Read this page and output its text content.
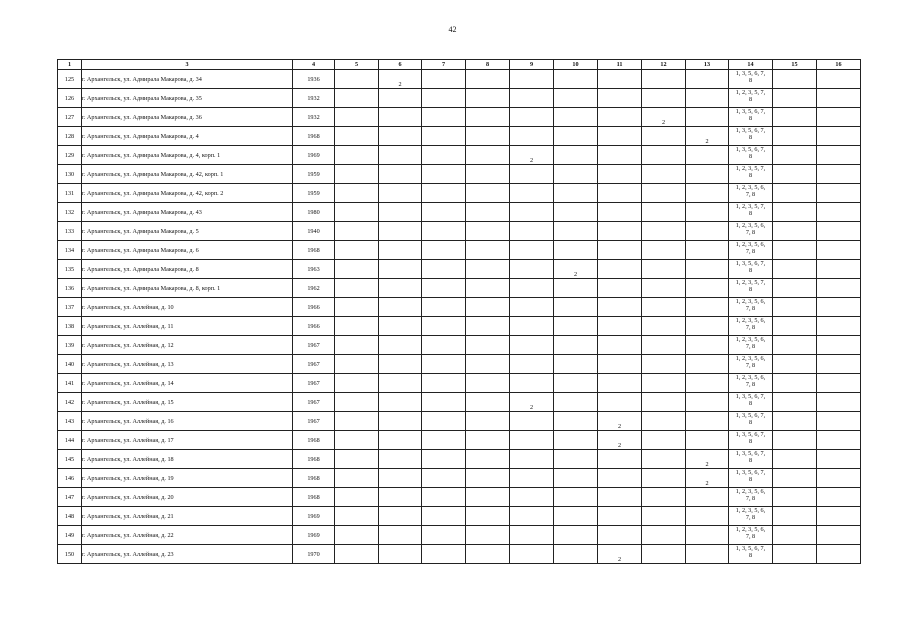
42
1	3	4	5	6	7	8	9	10	11	12	13	14	15	16
125	г. Архангельск, ул. Адмирала Макарова, д. 34	1936		2								1, 3, 5, 6, 7,
8		

126	г. Архангельск, ул. Адмирала Макарова, д. 35	1932										1, 2, 3, 5, 7,
8		

127	г. Архангельск, ул. Адмирала Макарова, д. 36	1932								2		1, 3, 5, 6, 7,
8		

128	г. Архангельск, ул. Адмирала Макарова, д. 4	1968									2	1, 3, 5, 6, 7,
8		

129	г. Архангельск, ул. Адмирала Макарова, д. 4, корп. 1	1969					2					1, 3, 5, 6, 7,
8		

130	г. Архангельск, ул. Адмирала Макарова, д. 42, корп. 1	1959										1, 2, 3, 5, 7,
8		

131	г. Архангельск, ул. Адмирала Макарова, д. 42, корп. 2	1959										1, 2, 3, 5, 6,
7, 8		

132	г. Архангельск, ул. Адмирала Макарова, д. 43	1980										1, 2, 3, 5, 7,
8		

133	г. Архангельск, ул. Адмирала Макарова, д. 5	1940										1, 2, 3, 5, 6,
7, 8		

134	г. Архангельск, ул. Адмирала Макарова, д. 6	1968										1, 2, 3, 5, 6,
7, 8		

135	г. Архангельск, ул. Адмирала Макарова, д. 8	1963						2				1, 3, 5, 6, 7,
8		

136	г. Архангельск, ул. Адмирала Макарова, д. 8, корп. 1	1962										1, 2, 3, 5, 7,
8		

137	г. Архангельск, ул. Аллейная, д. 10	1966										1, 2, 3, 5, 6,
7, 8		

138	г. Архангельск, ул. Аллейная, д. 11	1966										1, 2, 3, 5, 6,
7, 8		

139	г. Архангельск, ул. Аллейная, д. 12	1967										1, 2, 3, 5, 6,
7, 8		

140	г. Архангельск, ул. Аллейная, д. 13	1967										1, 2, 3, 5, 6,
7, 8		

141	г. Архангельск, ул. Аллейная, д. 14	1967										1, 2, 3, 5, 6,
7, 8		

142	г. Архангельск, ул. Аллейная, д. 15	1967					2					1, 3, 5, 6, 7,
8		

143	г. Архангельск, ул. Аллейная, д. 16	1967							2			1, 3, 5, 6, 7,
8		

144	г. Архангельск, ул. Аллейная, д. 17	1968							2			1, 3, 5, 6, 7,
8		

145	г. Архангельск, ул. Аллейная, д. 18	1968									2	1, 3, 5, 6, 7,
8		

146	г. Архангельск, ул. Аллейная, д. 19	1968									2	1, 3, 5, 6, 7,
8		

147	г. Архангельск, ул. Аллейная, д. 20	1968										1, 2, 3, 5, 6,
7, 8		

148	г. Архангельск, ул. Аллейная, д. 21	1969										1, 2, 3, 5, 6,
7, 8		

149	г. Архангельск, ул. Аллейная, д. 22	1969										1, 2, 3, 5, 6,
7, 8		

150	г. Архангельск, ул. Аллейная, д. 23	1970							2			1, 3, 5, 6, 7,
8		
